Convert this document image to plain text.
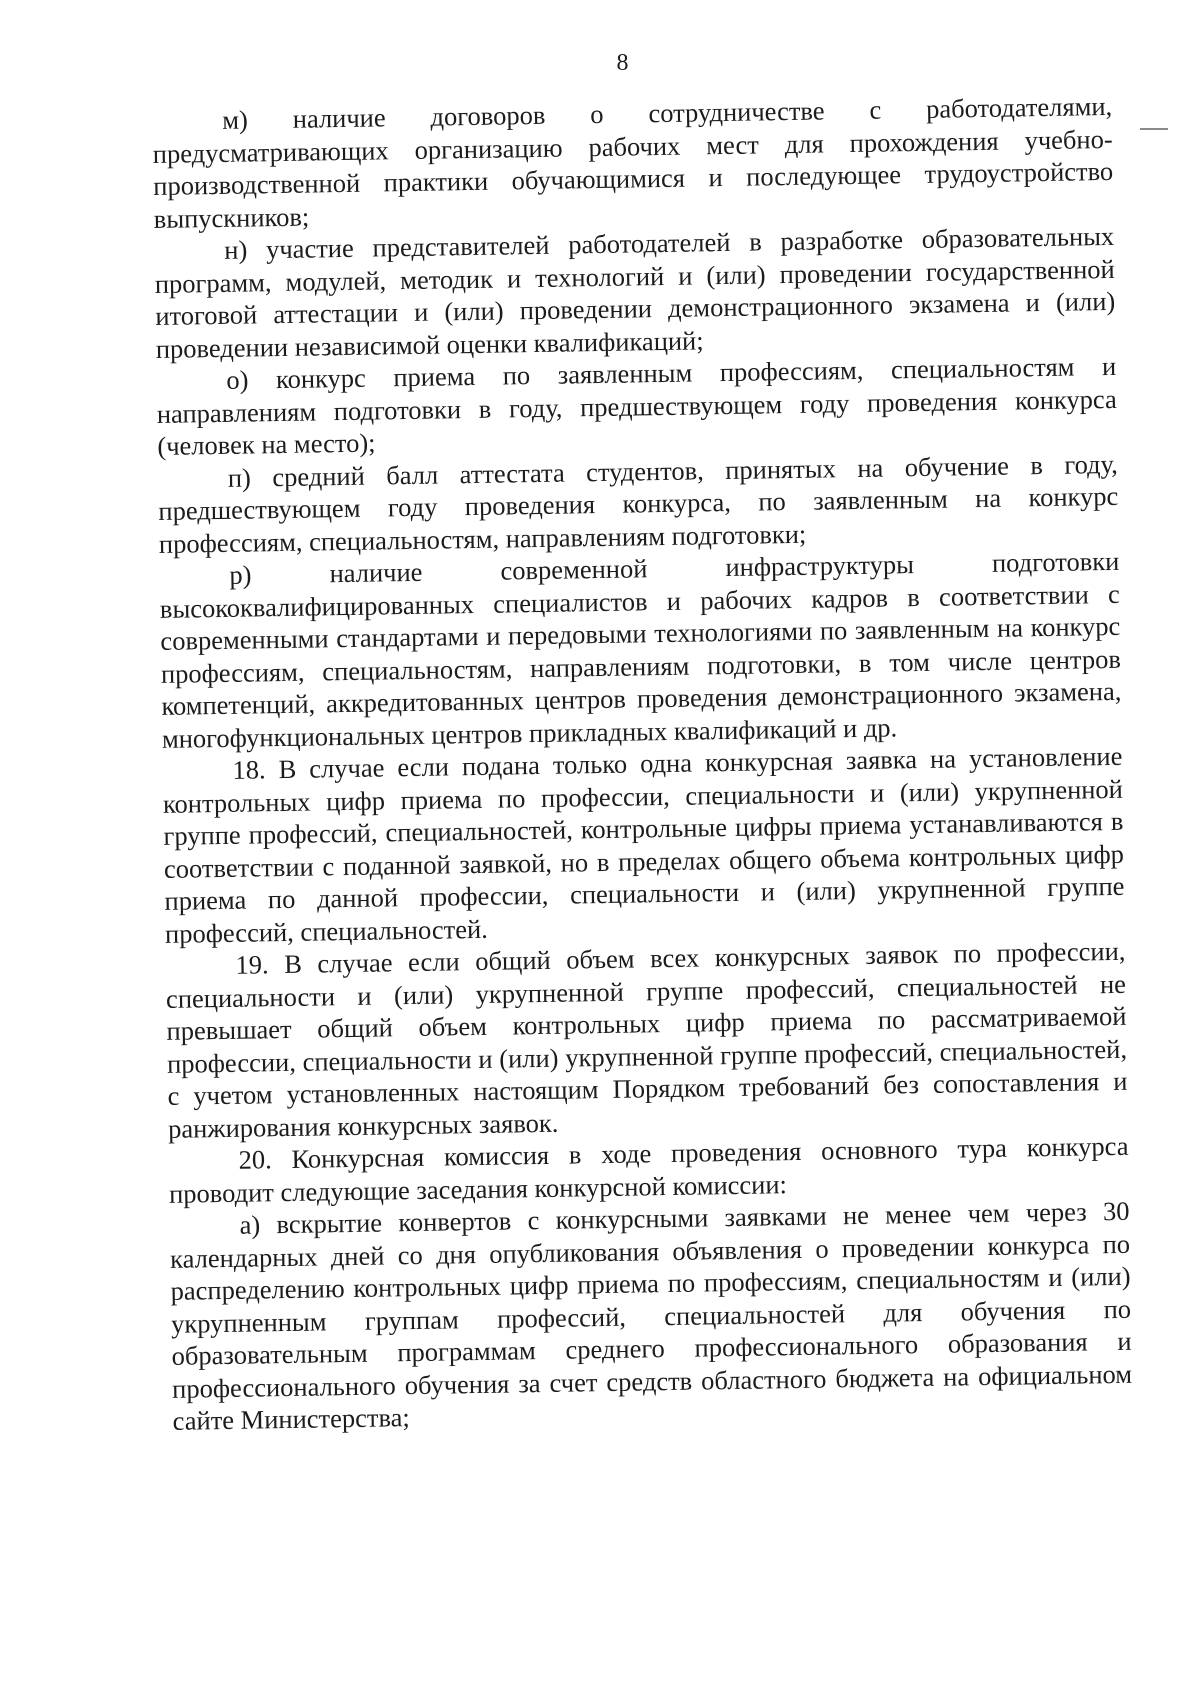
8

м) наличие договоров о сотрудничестве с работодателями, предусматривающих организацию рабочих мест для прохождения учебно-производственной практики обучающимися и последующее трудоустройство выпускников;

н) участие представителей работодателей в разработке образовательных программ, модулей, методик и технологий и (или) проведении государственной итоговой аттестации и (или) проведении демонстрационного экзамена и (или) проведении независимой оценки квалификаций;

о) конкурс приема по заявленным профессиям, специальностям и направлениям подготовки в году, предшествующем году проведения конкурса (человек на место);

п) средний балл аттестата студентов, принятых на обучение в году, предшествующем году проведения конкурса, по заявленным на конкурс профессиям, специальностям, направлениям подготовки;

р) наличие современной инфраструктуры подготовки высококвалифицированных специалистов и рабочих кадров в соответствии с современными стандартами и передовыми технологиями по заявленным на конкурс профессиям, специальностям, направлениям подготовки, в том числе центров компетенций, аккредитованных центров проведения демонстрационного экзамена, многофункциональных центров прикладных квалификаций и др.

18. В случае если подана только одна конкурсная заявка на установление контрольных цифр приема по профессии, специальности и (или) укрупненной группе профессий, специальностей, контрольные цифры приема устанавливаются в соответствии с поданной заявкой, но в пределах общего объема контрольных цифр приема по данной профессии, специальности и (или) укрупненной группе профессий, специальностей.

19. В случае если общий объем всех конкурсных заявок по профессии, специальности и (или) укрупненной группе профессий, специальностей не превышает общий объем контрольных цифр приема по рассматриваемой профессии, специальности и (или) укрупненной группе профессий, специальностей, с учетом установленных настоящим Порядком требований без сопоставления и ранжирования конкурсных заявок.

20. Конкурсная комиссия в ходе проведения основного тура конкурса проводит следующие заседания конкурсной комиссии:

а) вскрытие конвертов с конкурсными заявками не менее чем через 30 календарных дней со дня опубликования объявления о проведении конкурса по распределению контрольных цифр приема по профессиям, специальностям и (или) укрупненным группам профессий, специальностей для обучения по образовательным программам среднего профессионального образования и профессионального обучения за счет средств областного бюджета на официальном сайте Министерства;
